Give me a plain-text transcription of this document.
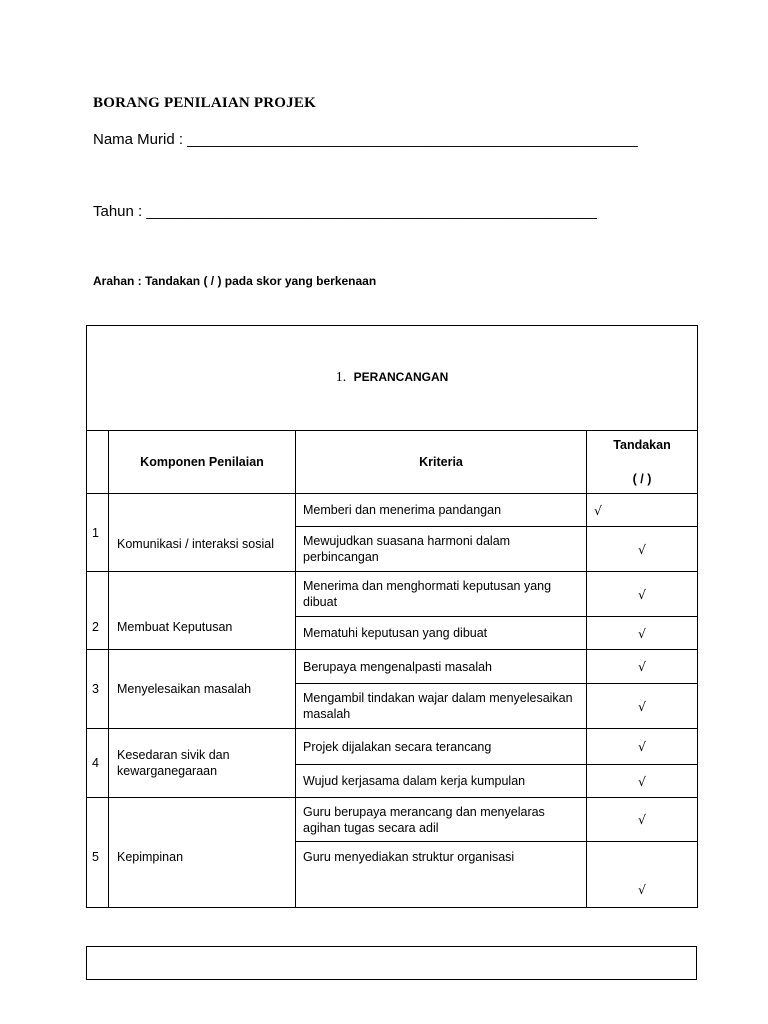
BORANG PENILAIAN PROJEK
Nama Murid : ______________________________________________________
Tahun : ______________________________________________________
Arahan : Tandakan ( / ) pada skor yang berkenaan
1. PERANCANGAN			
	Komponen Penilaian	Kriteria	Tandakan
( / )

1	Komunikasi / interaksi sosial	Memberi dan menerima pandangan	√
		Mewujudkan suasana harmoni dalam perbincangan	√
2	Membuat Keputusan	Menerima dan menghormati keputusan yang dibuat	√
		Mematuhi keputusan yang dibuat	√
3	Menyelesaikan masalah	Berupaya mengenalpasti masalah	√
		Mengambil tindakan wajar dalam menyelesaikan masalah	√
4	Kesedaran sivik dan kewarganegaraan	Projek dijalakan secara terancang	√
		Wujud kerjasama dalam kerja kumpulan	√
5	Kepimpinan	Guru berupaya merancang dan menyelaras agihan tugas secara adil	√
		Guru menyediakan struktur organisasi	√
